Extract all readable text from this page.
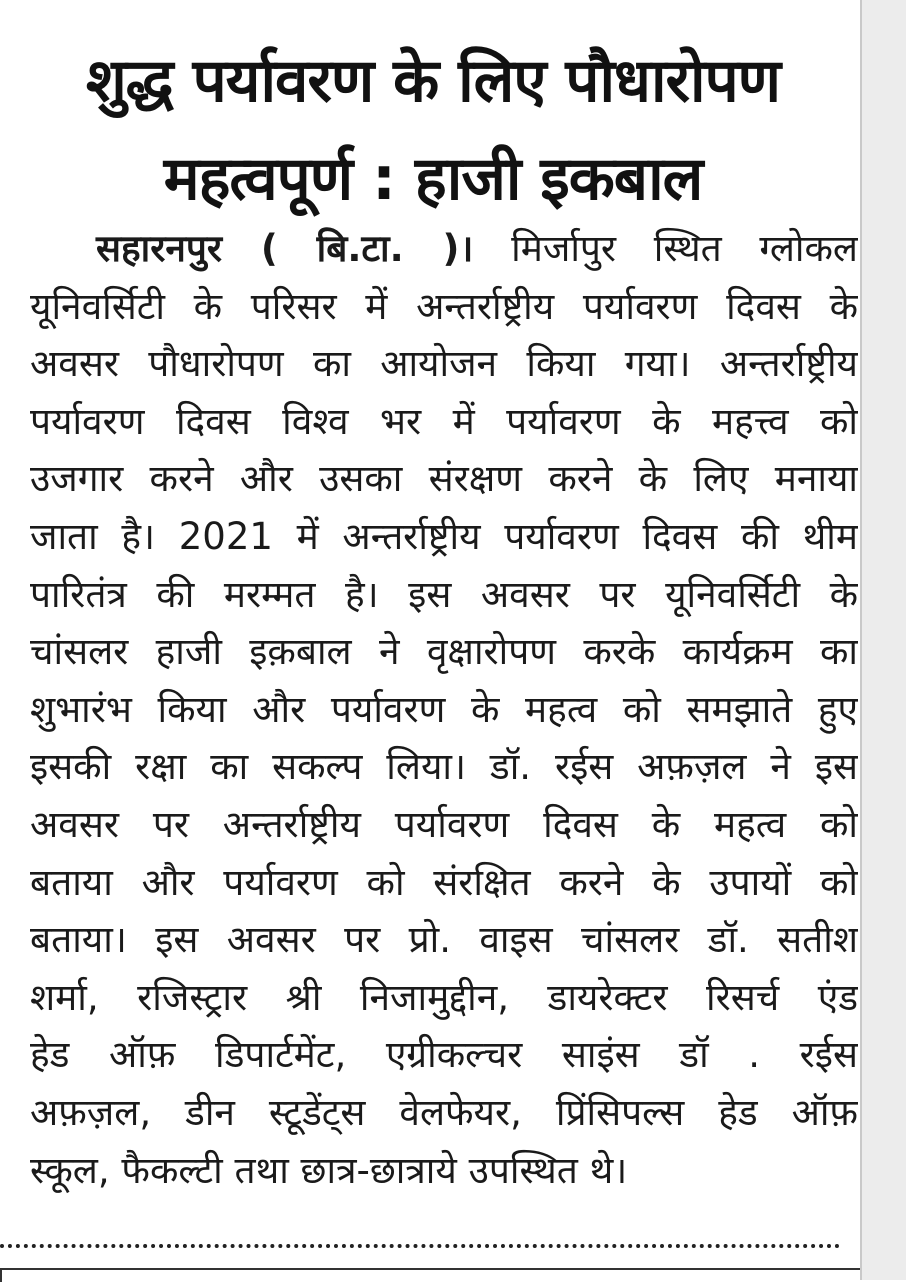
शुद्ध पर्यावरण के लिए पौधारोपण
महत्वपूर्ण : हाजी इकबाल
सहारनपुर ( बि.टा. )। मिर्जापुर स्थित ग्लोकल
यूनिवर्सिटी के परिसर में अन्तर्राष्ट्रीय पर्यावरण दिवस के
अवसर पौधारोपण का आयोजन किया गया। अन्तर्राष्ट्रीय
पर्यावरण दिवस विश्व भर में पर्यावरण के महत्त्व को
उजगार करने और उसका संरक्षण करने के लिए मनाया
जाता है। 2021 में अन्तर्राष्ट्रीय पर्यावरण दिवस की थीम
पारितंत्र की मरम्मत है। इस अवसर पर यूनिवर्सिटी के
चांसलर हाजी इक़बाल ने वृक्षारोपण करके कार्यक्रम का
शुभारंभ किया और पर्यावरण के महत्व को समझाते हुए
इसकी रक्षा का सकल्प लिया। डॉ. रईस अफ़ज़ल ने इस
अवसर पर अन्तर्राष्ट्रीय पर्यावरण दिवस के महत्व को
बताया और पर्यावरण को संरक्षित करने के उपायों को
बताया। इस अवसर पर प्रो. वाइस चांसलर डॉ. सतीश
शर्मा, रजिस्ट्रार श्री निजामुद्दीन, डायरेक्टर रिसर्च एंड
हेड ऑफ़ डिपार्टमेंट, एग्रीकल्चर साइंस डॉ . रईस
अफ़ज़ल, डीन स्टूडेंट्स वेलफेयर, प्रिंसिपल्स हेड ऑफ़
स्कूल, फैकल्टी तथा छात्र-छात्राये उपस्थित थे।
